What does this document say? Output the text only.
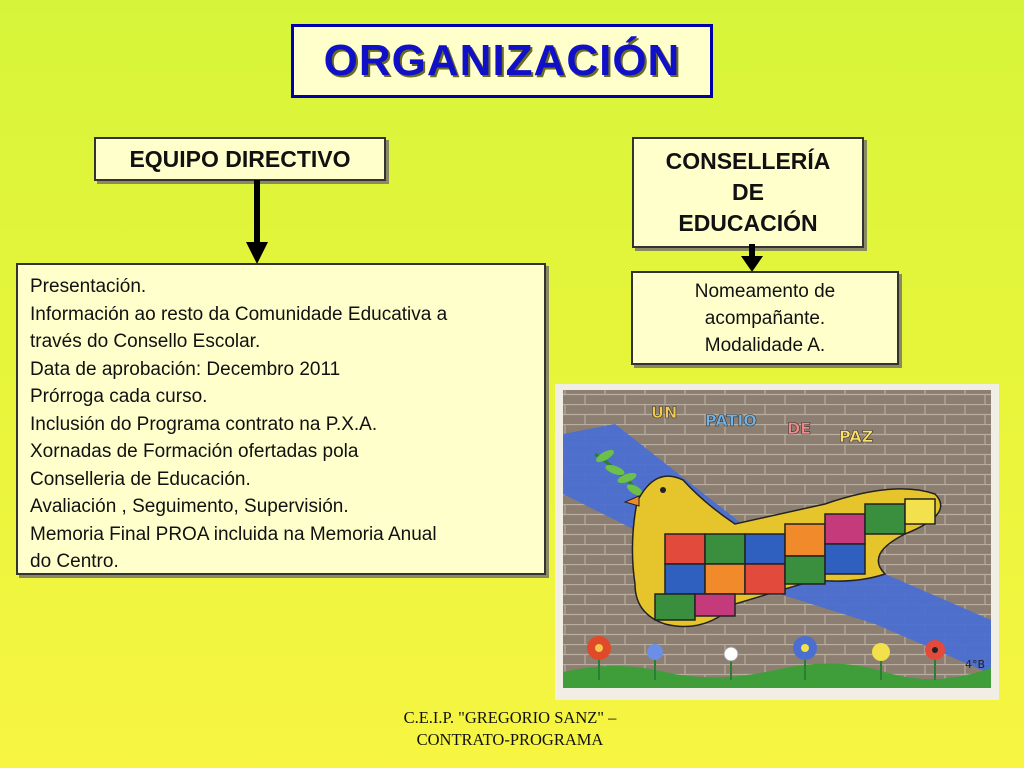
ORGANIZACIÓN
EQUIPO DIRECTIVO	CONSELLERÍA
DE
EDUCACIÓN
Presentación.
Información ao resto da Comunidade Educativa a
través do Consello Escolar.
Data de aprobación: Decembro 2011
Prórroga cada curso.
Inclusión do Programa contrato na P.X.A.
Xornadas de Formación ofertadas pola
Conselleria de Educación.
Avaliación , Seguimento, Supervisión.
Memoria Final PROA incluida na Memoria Anual
do Centro.
Nomeamento de
acompañante.
Modalidade A.
UN PATIO DE PAZ
4°B
C.E.I.P. "GREGORIO SANZ" –
CONTRATO-PROGRAMA
